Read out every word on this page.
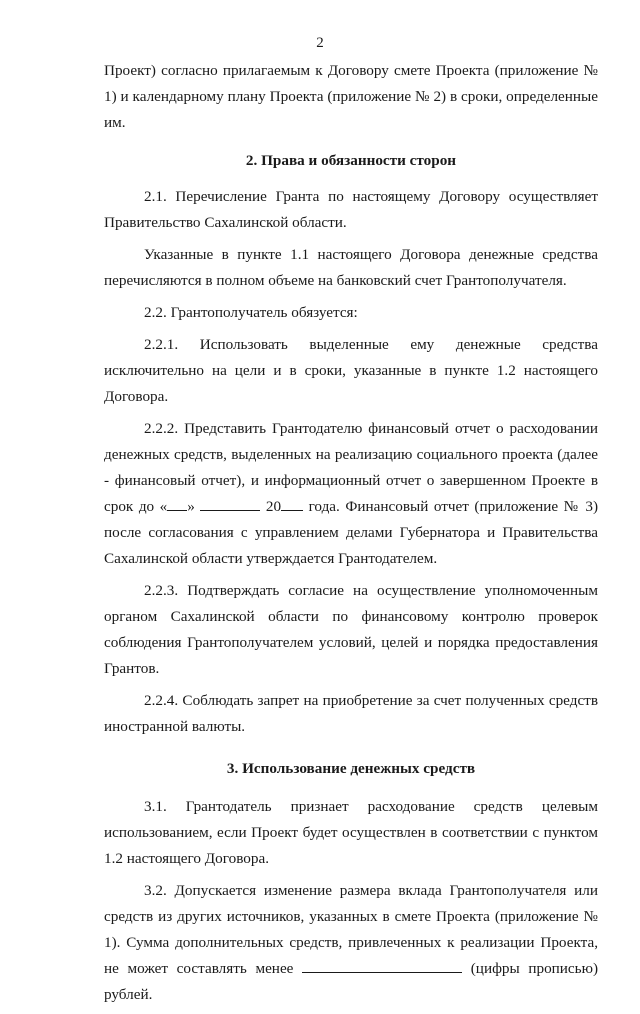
2

Проект) согласно прилагаемым к Договору смете Проекта (приложение № 1) и календарному плану Проекта (приложение № 2) в сроки, определенные им.

2. Права и обязанности сторон

2.1. Перечисление Гранта по настоящему Договору осуществляет Правительство Сахалинской области.

Указанные в пункте 1.1 настоящего Договора денежные средства перечисляются в полном объеме на банковский счет Грантополучателя.

2.2. Грантополучатель обязуется:

2.2.1. Использовать выделенные ему денежные средства исключительно на цели и в сроки, указанные в пункте 1.2 настоящего Договора.

2.2.2. Представить Грантодателю финансовый отчет о расходовании денежных средств, выделенных на реализацию социального проекта (далее - финансовый отчет), и информационный отчет о завершенном Проекте в срок до « »	20 года. Финансовый отчет (приложение № 3) после согласования с управлением делами Губернатора и Правительства Сахалинской области утверждается Грантодателем.

2.2.3. Подтверждать согласие на осуществление уполномоченным органом Сахалинской области по финансовому контролю проверок соблюдения Грантополучателем условий, целей и порядка предоставления Грантов.

2.2.4. Соблюдать запрет на приобретение за счет полученных средств иностранной валюты.

3. Использование денежных средств

3.1. Грантодатель признает расходование средств целевым использованием, если Проект будет осуществлен в соответствии с пунктом 1.2 настоящего Договора.

3.2. Допускается изменение размера вклада Грантополучателя или средств из других источников, указанных в смете Проекта (приложение № 1). Сумма дополнительных средств, привлеченных к реализации Проекта, не может составлять менее	(цифры прописью) рублей.
